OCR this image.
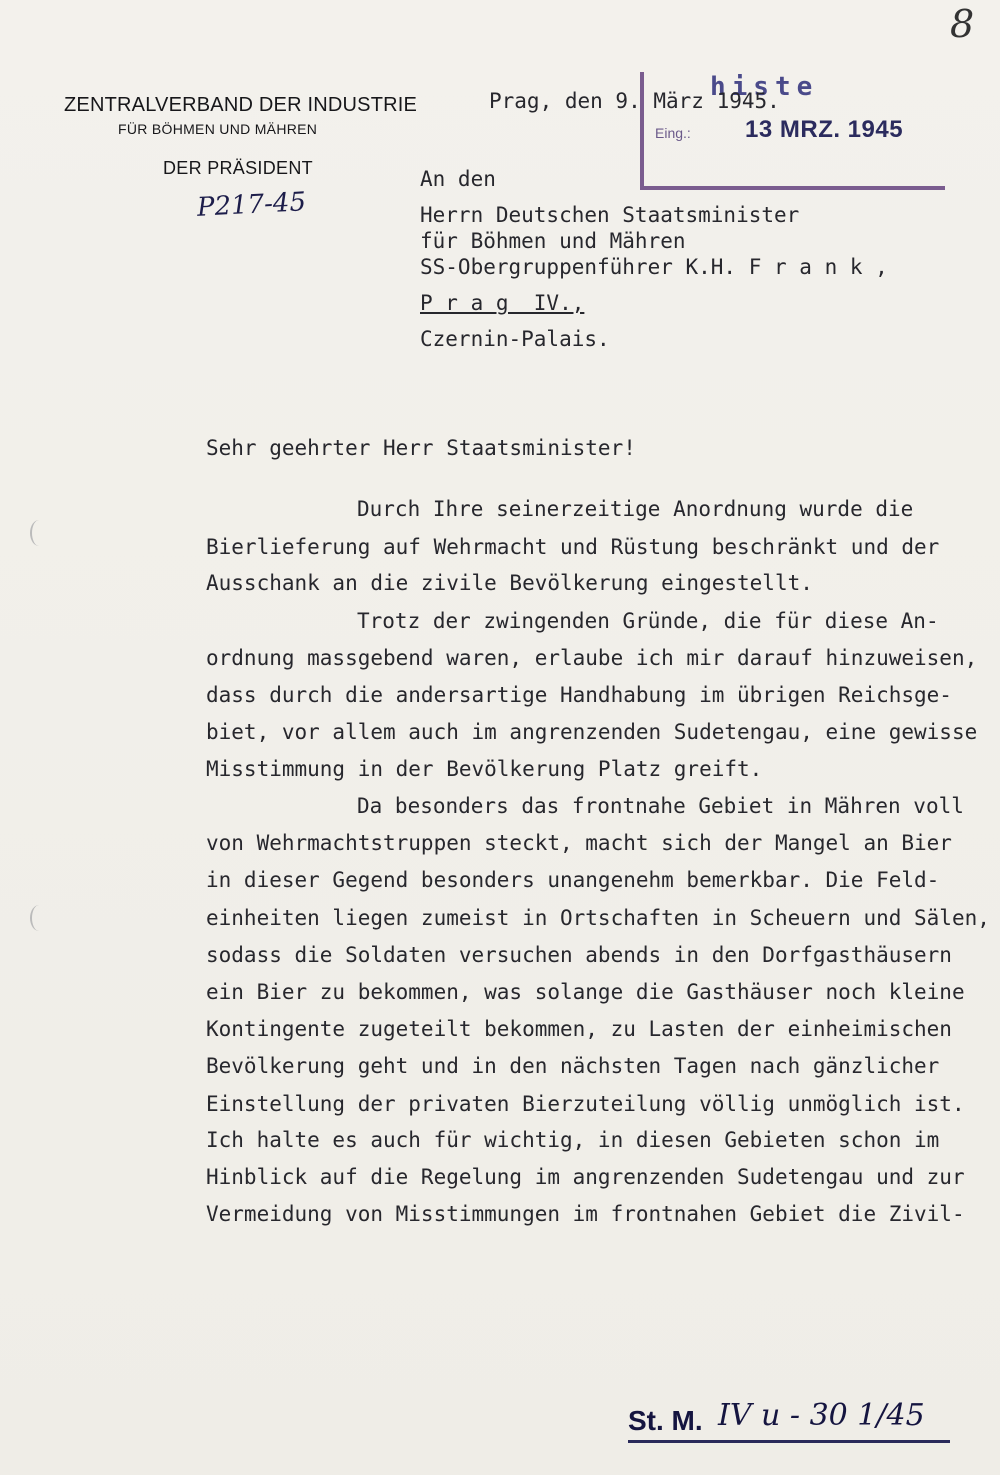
8
ZENTRALVERBAND DER INDUSTRIE
FÜR BÖHMEN UND MÄHREN
DER PRÄSIDENT
P217-45
histe
Eing.: 13 MRZ. 1945
Prag, den 9. März 1945.
An den
Herrn Deutschen Staatsminister
für Böhmen und Mähren
SS-Obergruppenführer K.H. F r a n k ,
P r a g  IV.,
Czernin-Palais.
Sehr geehrter Herr Staatsminister!
Durch Ihre seinerzeitige Anordnung wurde die
Bierlieferung auf Wehrmacht und Rüstung beschränkt und der
Ausschank an die zivile Bevölkerung eingestellt.
Trotz der zwingenden Gründe, die für diese An-
ordnung massgebend waren, erlaube ich mir darauf hinzuweisen,
dass durch die andersartige Handhabung im übrigen Reichsge-
biet, vor allem auch im angrenzenden Sudetengau, eine gewisse
Misstimmung in der Bevölkerung Platz greift.
Da besonders das frontnahe Gebiet in Mähren voll
von Wehrmachtstruppen steckt, macht sich der Mangel an Bier
in dieser Gegend besonders unangenehm bemerkbar. Die Feld-
einheiten liegen zumeist in Ortschaften in Scheuern und Sälen,
sodass die Soldaten versuchen abends in den Dorfgasthäusern
ein Bier zu bekommen, was solange die Gasthäuser noch kleine
Kontingente zugeteilt bekommen, zu Lasten der einheimischen
Bevölkerung geht und in den nächsten Tagen nach gänzlicher
Einstellung der privaten Bierzuteilung völlig unmöglich ist.
Ich halte es auch für wichtig, in diesen Gebieten schon im
Hinblick auf die Regelung im angrenzenden Sudetengau und zur
Vermeidung von Misstimmungen im frontnahen Gebiet die Zivil-
St. M. IV u - 30 1/45
